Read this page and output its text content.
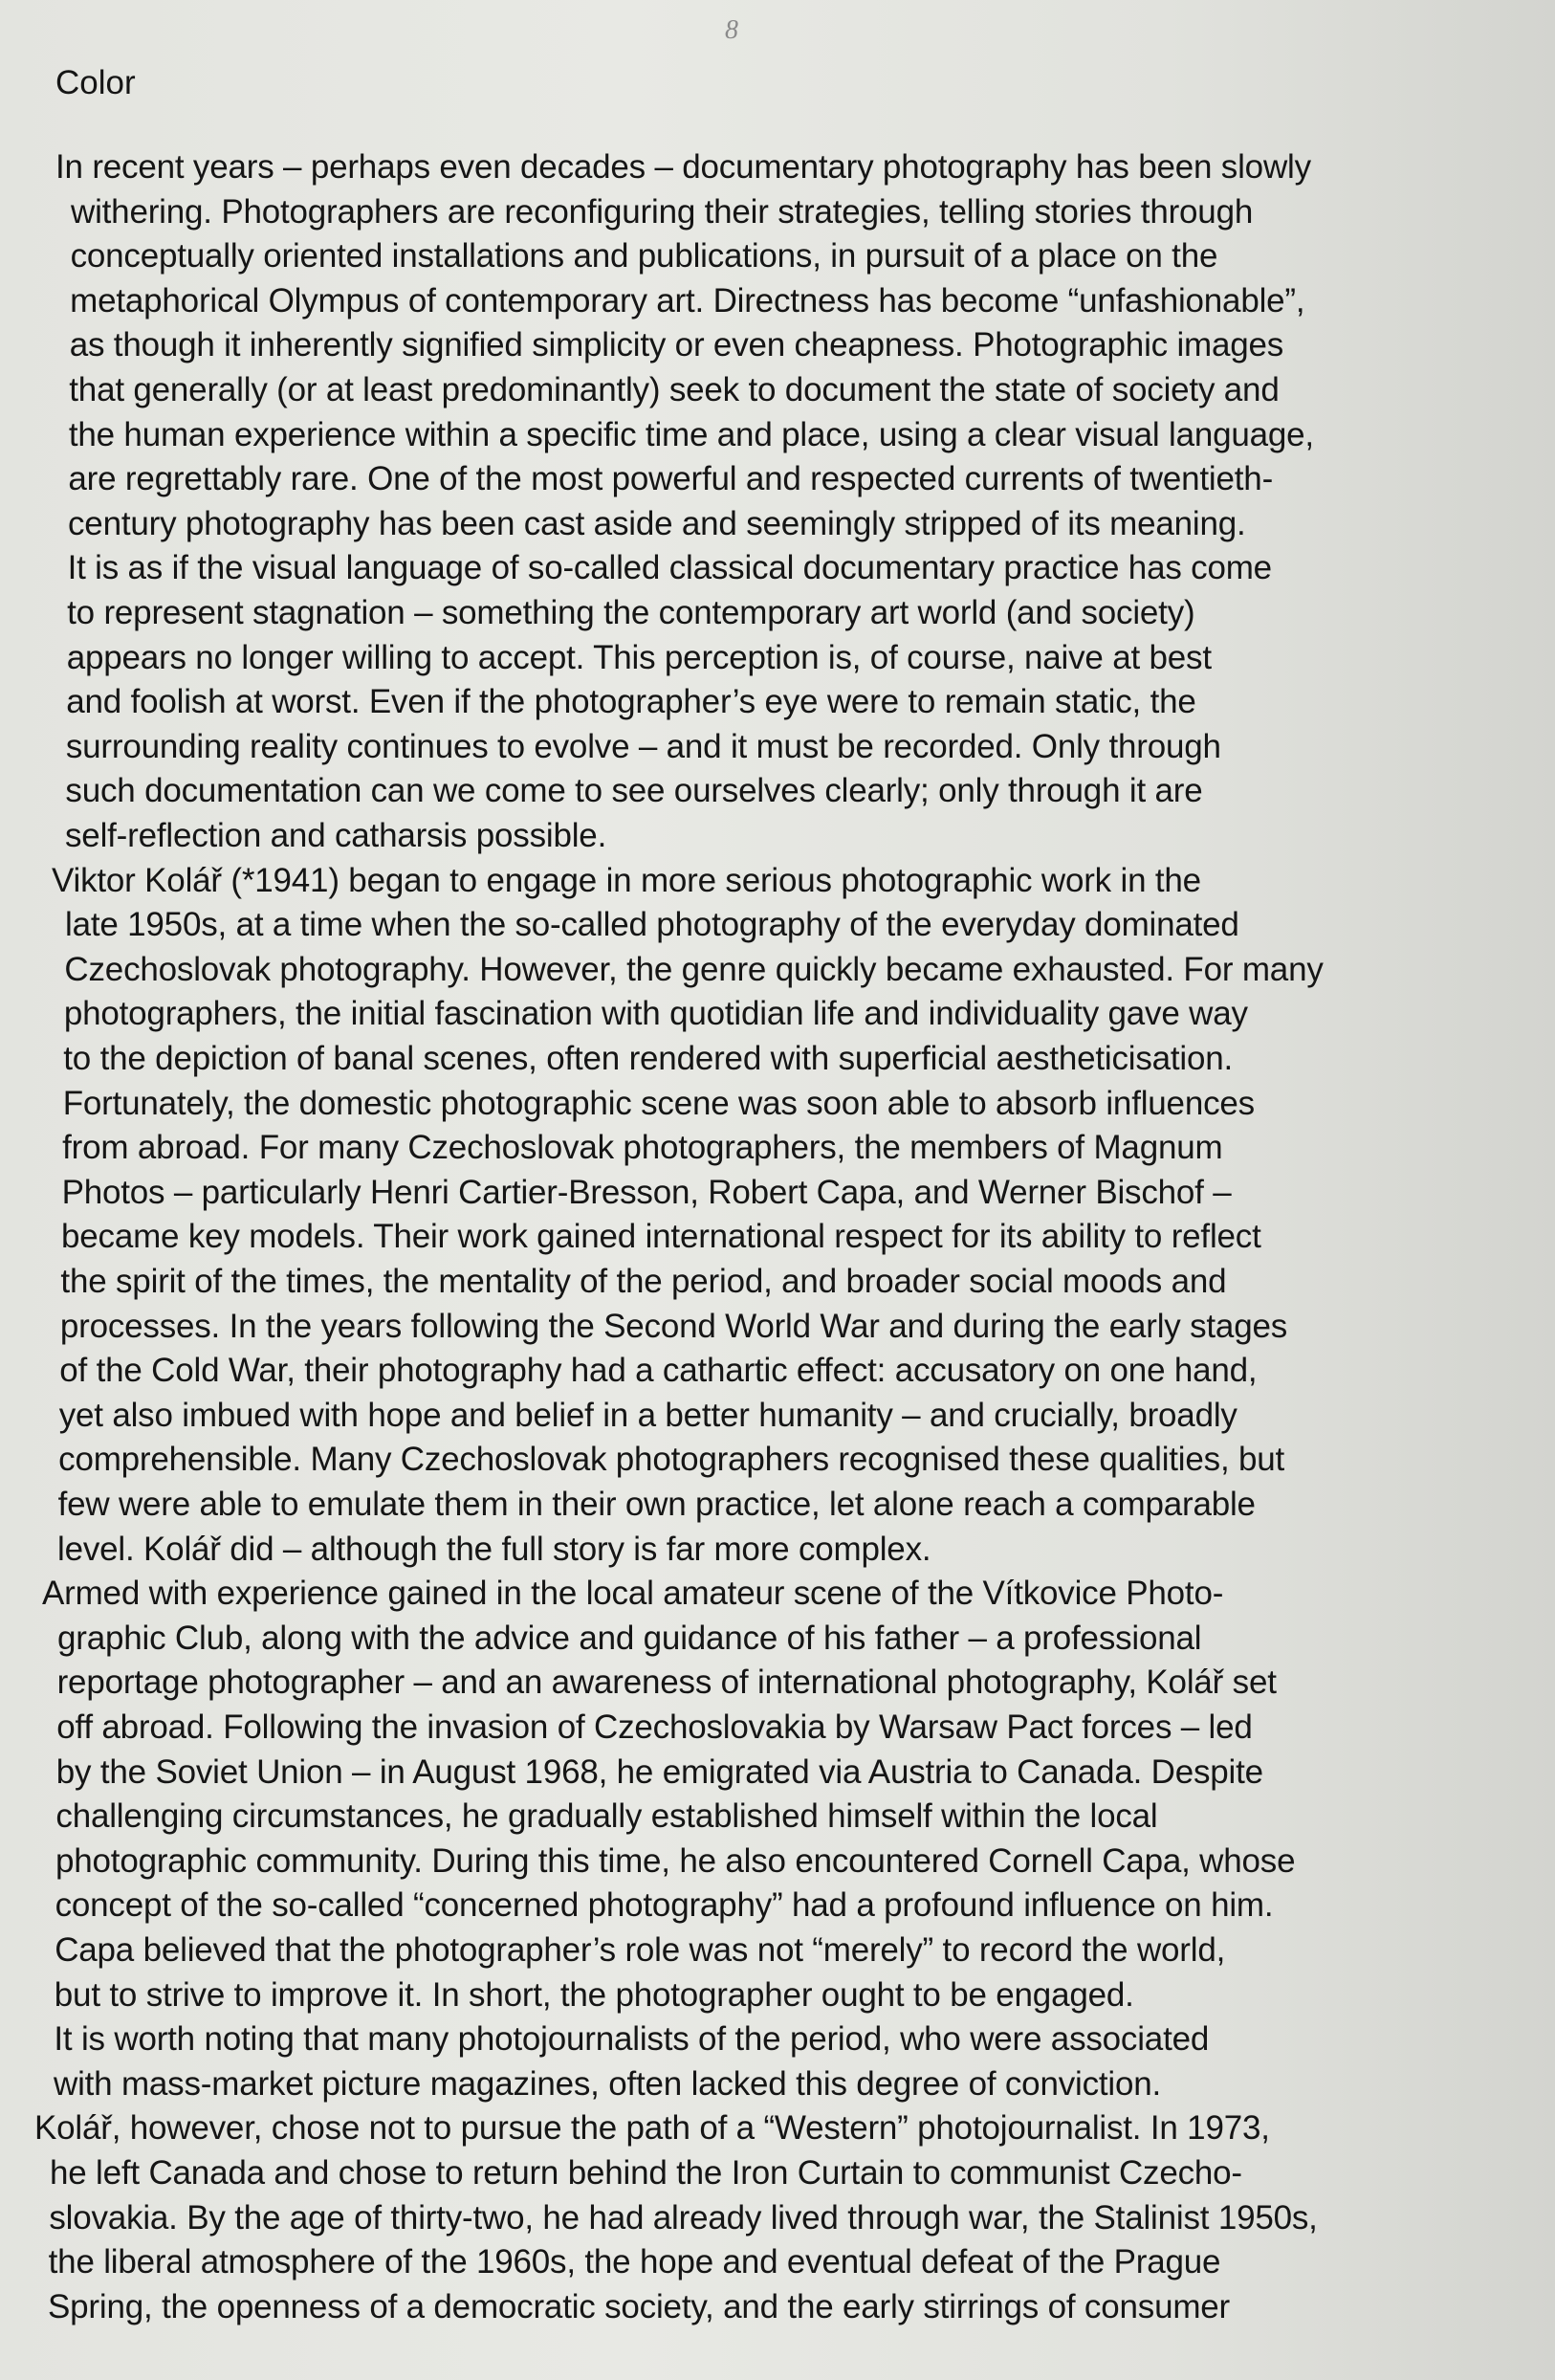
8
Color
In recent years – perhaps even decades – documentary photography has been slowly
withering. Photographers are reconfiguring their strategies, telling stories through
conceptually oriented installations and publications, in pursuit of a place on the
metaphorical Olympus of contemporary art. Directness has become “unfashionable”,
as though it inherently signified simplicity or even cheapness. Photographic images
that generally (or at least predominantly) seek to document the state of society and
the human experience within a specific time and place, using a clear visual language,
are regrettably rare. One of the most powerful and respected currents of twentieth-
century photography has been cast aside and seemingly stripped of its meaning.
It is as if the visual language of so-called classical documentary practice has come
to represent stagnation – something the contemporary art world (and society)
appears no longer willing to accept. This perception is, of course, naive at best
and foolish at worst. Even if the photographer’s eye were to remain static, the
surrounding reality continues to evolve – and it must be recorded. Only through
such documentation can we come to see ourselves clearly; only through it are
self-reflection and catharsis possible.
Viktor Kolář (*1941) began to engage in more serious photographic work in the
late 1950s, at a time when the so-called photography of the everyday dominated
Czechoslovak photography. However, the genre quickly became exhausted. For many
photographers, the initial fascination with quotidian life and individuality gave way
to the depiction of banal scenes, often rendered with superficial aestheticisation.
Fortunately, the domestic photographic scene was soon able to absorb influences
from abroad. For many Czechoslovak photographers, the members of Magnum
Photos – particularly Henri Cartier-Bresson, Robert Capa, and Werner Bischof –
became key models. Their work gained international respect for its ability to reflect
the spirit of the times, the mentality of the period, and broader social moods and
processes. In the years following the Second World War and during the early stages
of the Cold War, their photography had a cathartic effect: accusatory on one hand,
yet also imbued with hope and belief in a better humanity – and crucially, broadly
comprehensible. Many Czechoslovak photographers recognised these qualities, but
few were able to emulate them in their own practice, let alone reach a comparable
level. Kolář did – although the full story is far more complex.
Armed with experience gained in the local amateur scene of the Vítkovice Photo-
graphic Club, along with the advice and guidance of his father – a professional
reportage photographer – and an awareness of international photography, Kolář set
off abroad. Following the invasion of Czechoslovakia by Warsaw Pact forces – led
by the Soviet Union – in August 1968, he emigrated via Austria to Canada. Despite
challenging circumstances, he gradually established himself within the local
photographic community. During this time, he also encountered Cornell Capa, whose
concept of the so-called “concerned photography” had a profound influence on him.
Capa believed that the photographer’s role was not “merely” to record the world,
but to strive to improve it. In short, the photographer ought to be engaged.
It is worth noting that many photojournalists of the period, who were associated
with mass-market picture magazines, often lacked this degree of conviction.
Kolář, however, chose not to pursue the path of a “Western” photojournalist. In 1973,
he left Canada and chose to return behind the Iron Curtain to communist Czecho-
slovakia. By the age of thirty-two, he had already lived through war, the Stalinist 1950s,
the liberal atmosphere of the 1960s, the hope and eventual defeat of the Prague
Spring, the openness of a democratic society, and the early stirrings of consumer
